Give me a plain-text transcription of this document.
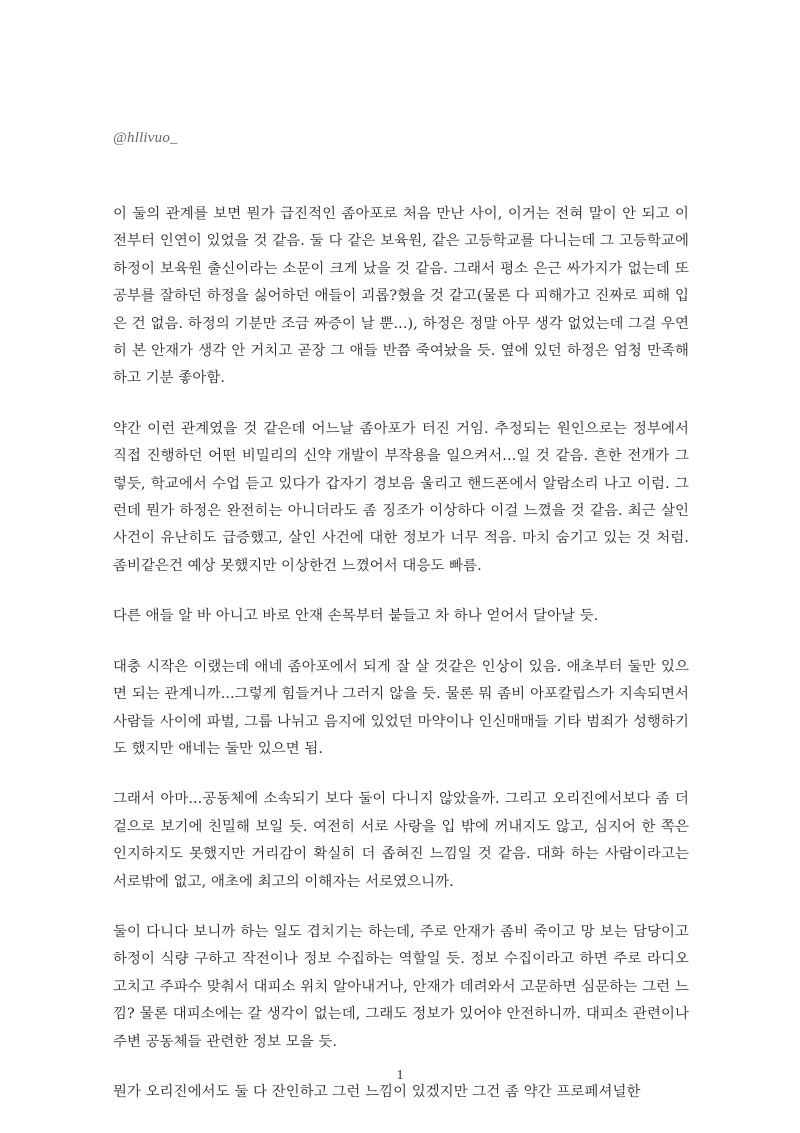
@hllivuo_

이 둘의 관계를 보면 뭔가 급진적인 좀아포로 처음 만난 사이, 이거는 전혀 말이 안 되고 이전부터 인연이 있었을 것 같음. 둘 다 같은 보육원, 같은 고등학교를 다니는데 그 고등학교에 하정이 보육원 출신이라는 소문이 크게 났을 것 같음. 그래서 평소 은근 싸가지가 없는데 또 공부를 잘하던 하정을 싫어하던 애들이 괴롭?혔을 것 같고(물론 다 피해가고 진짜로 피해 입은 건 없음. 하정의 기분만 조금 짜증이 날 뿐...), 하정은 정말 아무 생각 없었는데 그걸 우연히 본 안재가 생각 안 거치고 곧장 그 애들 반쯤 죽여놨을 듯. 옆에 있던 하정은 엄청 만족해하고 기분 좋아함.

약간 이런 관계였을 것 같은데 어느날 좀아포가 터진 거임. 추정되는 원인으로는 정부에서 직접 진행하던 어떤 비밀리의 신약 개발이 부작용을 일으켜서...일 것 같음. 흔한 전개가 그렇듯, 학교에서 수업 듣고 있다가 갑자기 경보음 울리고 핸드폰에서 알람소리 나고 이럼. 그런데 뭔가 하정은 완전히는 아니더라도 좀 징조가 이상하다 이걸 느꼈을 것 같음. 최근 살인 사건이 유난히도 급증했고, 살인 사건에 대한 정보가 너무 적음. 마치 숨기고 있는 것 처럼. 좀비같은건 예상 못했지만 이상한건 느꼈어서 대응도 빠름.

다른 애들 알 바 아니고 바로 안재 손목부터 붙들고 차 하나 얻어서 달아날 듯.

대충 시작은 이랬는데 애네 좀아포에서 되게 잘 살 것같은 인상이 있음. 애초부터 둘만 있으면 되는 관계니까...그렇게 힘들거나 그러지 않을 듯. 물론 뭐 좀비 아포칼립스가 지속되면서 사람들 사이에 파벌, 그룹 나뉘고 음지에 있었던 마약이나 인신매매들 기타 범죄가 성행하기도 했지만 애네는 둘만 있으면 됨.

그래서 아마...공동체에 소속되기 보다 둘이 다니지 않았을까. 그리고 오리진에서보다 좀 더 겉으로 보기에 친밀해 보일 듯. 여전히 서로 사랑을 입 밖에 꺼내지도 않고, 심지어 한 쪽은 인지하지도 못했지만 거리감이 확실히 더 좁혀진 느낌일 것 같음. 대화 하는 사람이라고는 서로밖에 없고, 애초에 최고의 이해자는 서로였으니까.

둘이 다니다 보니까 하는 일도 겹치기는 하는데, 주로 안재가 좀비 죽이고 망 보는 담당이고 하정이 식량 구하고 작전이나 정보 수집하는 역할일 듯. 정보 수집이라고 하면 주로 라디오 고치고 주파수 맞춰서 대피소 위치 알아내거나, 안재가 데려와서 고문하면 심문하는 그런 느낌? 물론 대피소에는 갈 생각이 없는데, 그래도 정보가 있어야 안전하니까. 대피소 관련이나 주변 공동체들 관련한 정보 모을 듯.

뭔가 오리진에서도 둘 다 잔인하고 그런 느낌이 있겠지만 그건 좀 약간 프로페셔널한

1
